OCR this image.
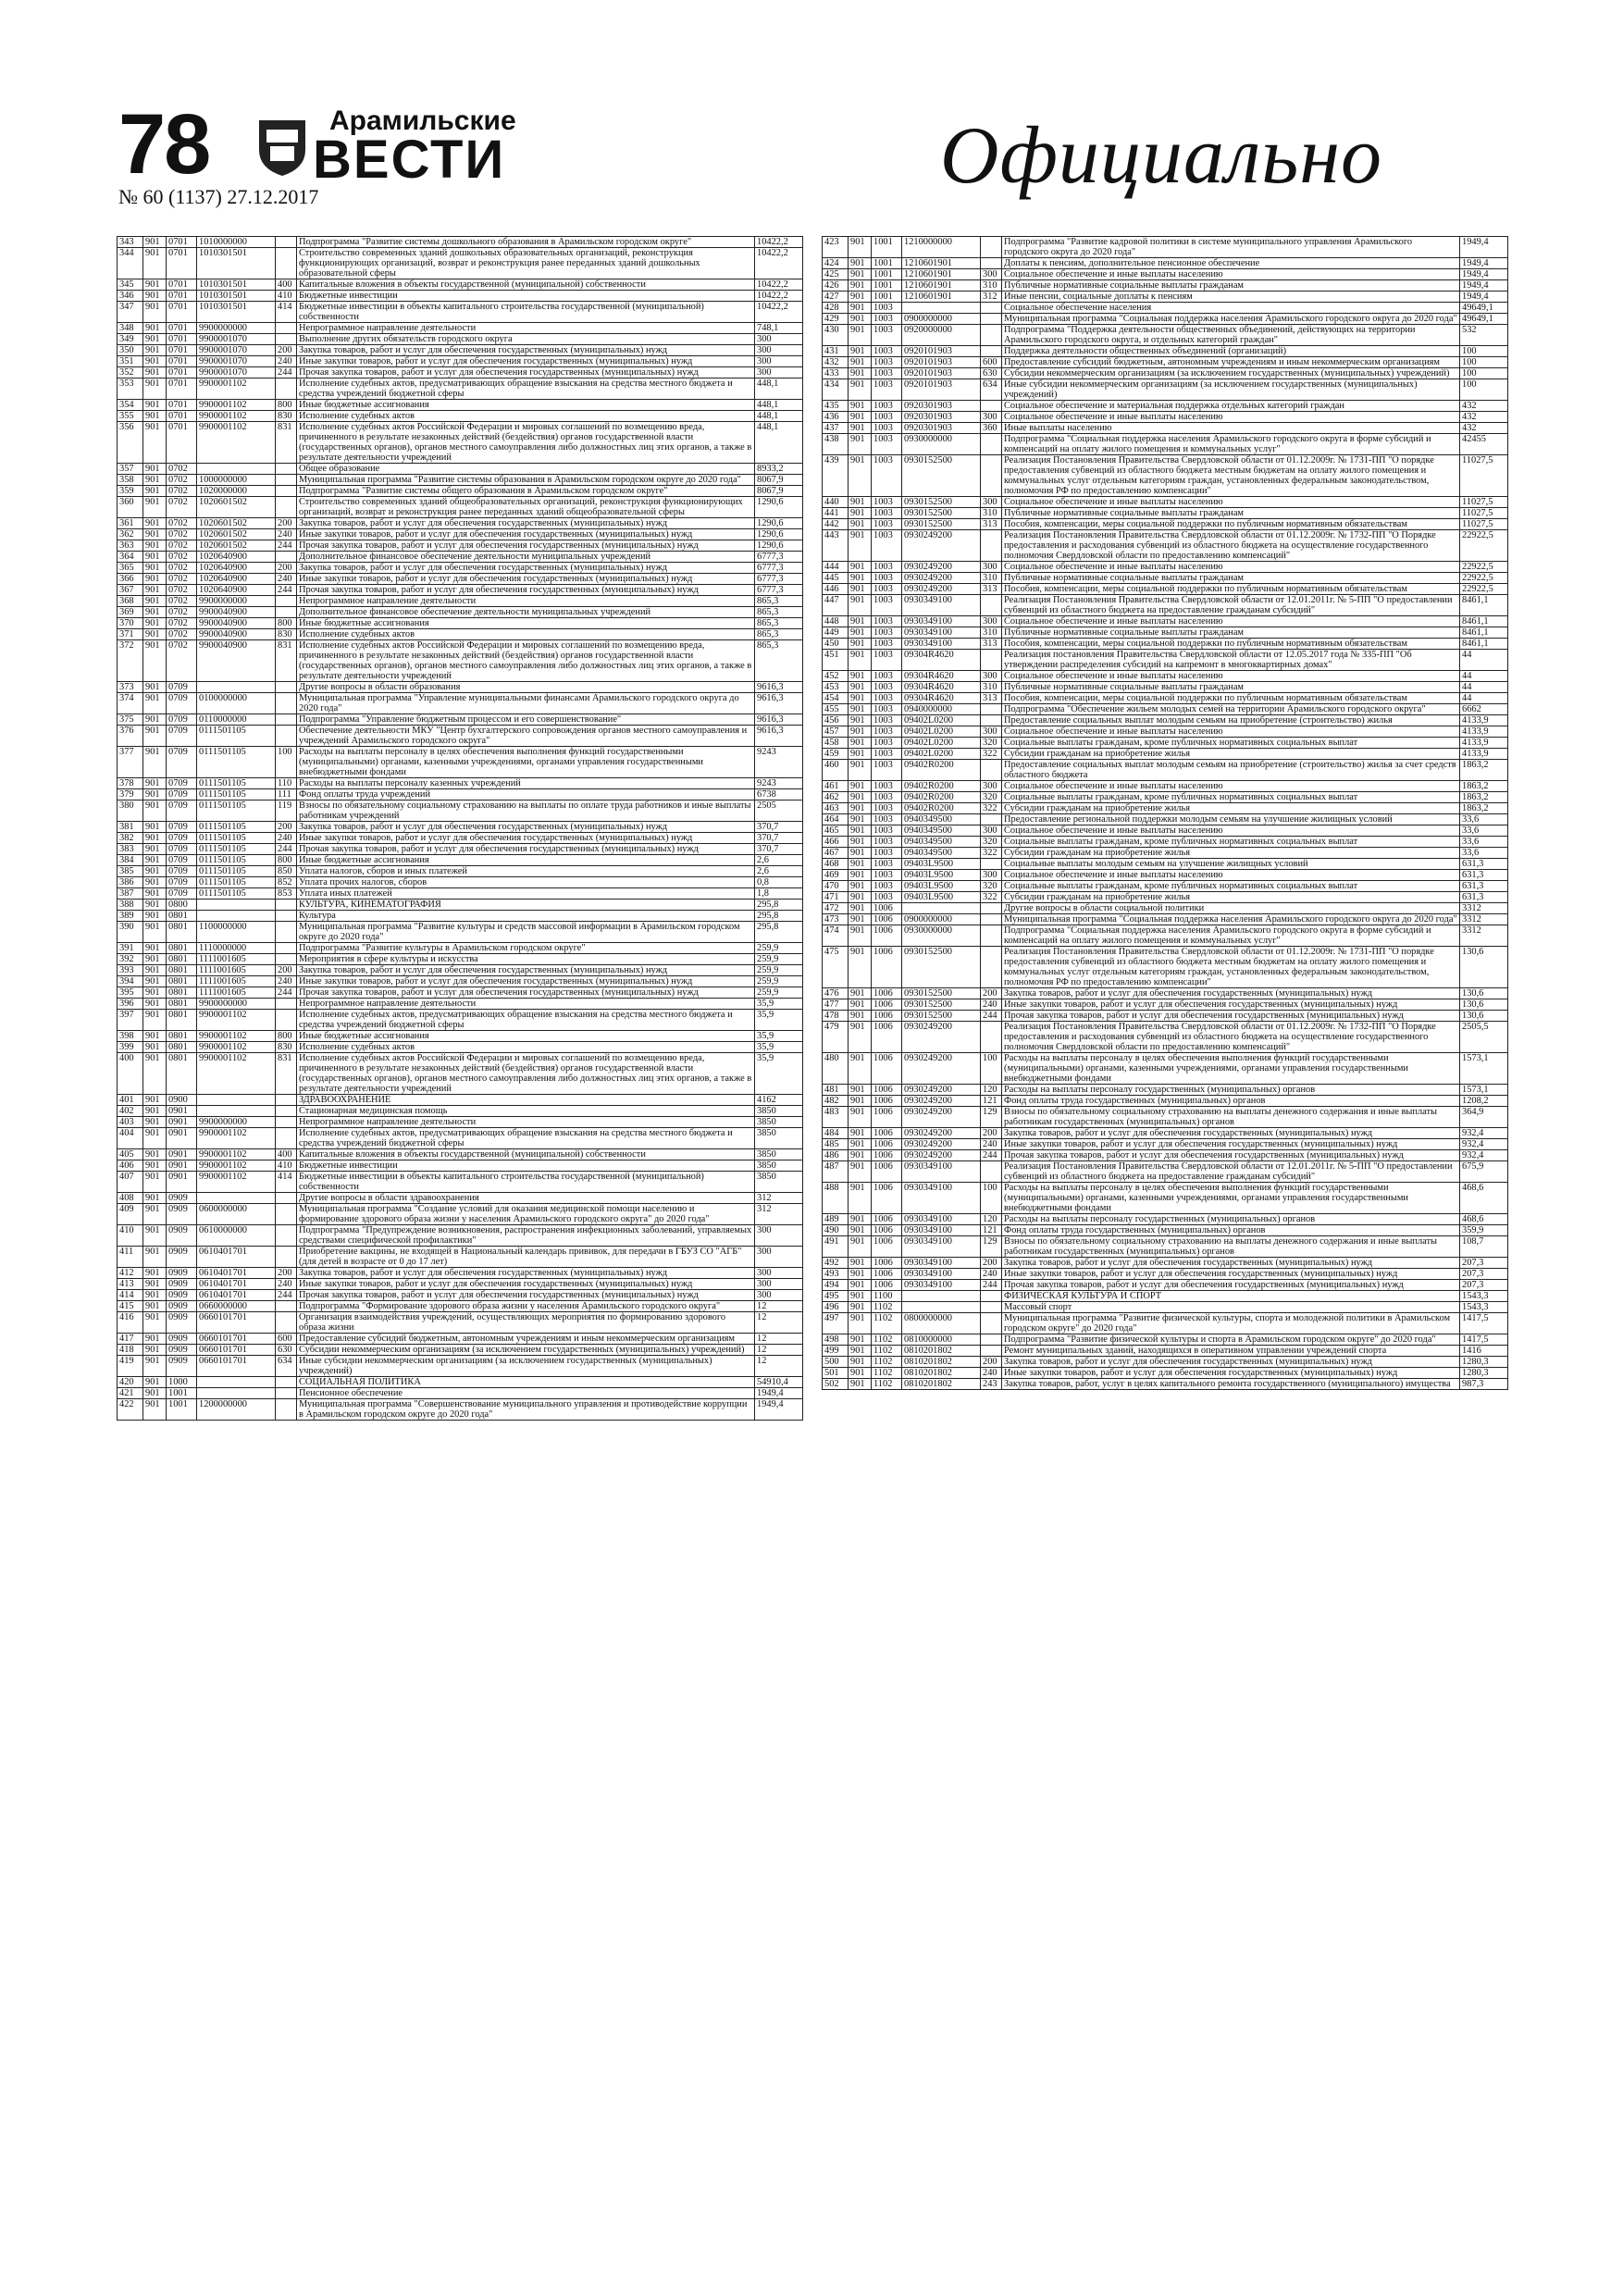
78	Арамильские
ВЕСТИ
№ 60 (1137) 27.12.2017	Официально
343	901	0701	1010000000		Подпрограмма "Развитие системы дошкольного образования в Арамильском городском округе"	10422,2
344	901	0701	1010301501		Строительство современных зданий дошкольных образовательных организаций, реконструкция функционирующих организаций, возврат и реконструкция ранее переданных зданий дошкольных образовательной сферы	10422,2
345	901	0701	1010301501	400	Капитальные вложения в объекты государственной (муниципальной) собственности	10422,2
346	901	0701	1010301501	410	Бюджетные инвестиции	10422,2
347	901	0701	1010301501	414	Бюджетные инвестиции в объекты капитального строительства государственной (муниципальной) собственности	10422,2
348	901	0701	9900000000		Непрограммное направление деятельности	748,1
349	901	0701	9900001070		Выполнение других обязательств городского округа	300
350	901	0701	9900001070	200	Закупка товаров, работ и услуг для обеспечения государственных (муниципальных) нужд	300
351	901	0701	9900001070	240	Иные закупки товаров, работ и услуг для обеспечения государственных (муниципальных) нужд	300
352	901	0701	9900001070	244	Прочая закупка товаров, работ и услуг для обеспечения государственных (муниципальных) нужд	300
353	901	0701	9900001102		Исполнение судебных актов, предусматривающих обращение взыскания на средства местного бюджета и средства учреждений бюджетной сферы	448,1
354	901	0701	9900001102	800	Иные бюджетные ассигнования	448,1
355	901	0701	9900001102	830	Исполнение судебных актов	448,1
356	901	0701	9900001102	831	Исполнение судебных актов Российской Федерации и мировых соглашений по возмещению вреда, причиненного в результате незаконных действий (бездействия) органов государственной власти (государственных органов), органов местного самоуправления либо должностных лиц этих органов, а также в результате деятельности учреждений	448,1
357	901	0702			Общее образование	8933,2
358	901	0702	1000000000		Муниципальная программа "Развитие системы образования в Арамильском городском округе до 2020 года"	8067,9
359	901	0702	1020000000		Подпрограмма "Развитие системы общего образования в Арамильском городском округе"	8067,9
360	901	0702	1020601502		Строительство современных зданий общеобразовательных организаций, реконструкция функционирующих организаций, возврат и реконструкция ранее переданных зданий общеобразовательной сферы	1290,6
361	901	0702	1020601502	200	Закупка товаров, работ и услуг для обеспечения государственных (муниципальных) нужд	1290,6
362	901	0702	1020601502	240	Иные закупки товаров, работ и услуг для обеспечения государственных (муниципальных) нужд	1290,6
363	901	0702	1020601502	244	Прочая закупка товаров, работ и услуг для обеспечения государственных (муниципальных) нужд	1290,6
364	901	0702	1020640900		Дополнительное финансовое обеспечение деятельности муниципальных учреждений	6777,3
365	901	0702	1020640900	200	Закупка товаров, работ и услуг для обеспечения государственных (муниципальных) нужд	6777,3
366	901	0702	1020640900	240	Иные закупки товаров, работ и услуг для обеспечения государственных (муниципальных) нужд	6777,3
367	901	0702	1020640900	244	Прочая закупка товаров, работ и услуг для обеспечения государственных (муниципальных) нужд	6777,3
368	901	0702	9900000000		Непрограммное направление деятельности	865,3
369	901	0702	9900040900		Дополнительное финансовое обеспечение деятельности муниципальных учреждений	865,3
370	901	0702	9900040900	800	Иные бюджетные ассигнования	865,3
371	901	0702	9900040900	830	Исполнение судебных актов	865,3
372	901	0702	9900040900	831	Исполнение судебных актов Российской Федерации и мировых соглашений по возмещению вреда, причиненного в результате незаконных действий (бездействия) органов государственной власти (государственных органов), органов местного самоуправления либо должностных лиц этих органов, а также в результате деятельности учреждений	865,3
373	901	0709			Другие вопросы в области образования	9616,3
374	901	0709	0100000000		Муниципальная программа "Управление муниципальными финансами Арамильского городского округа до 2020 года"	9616,3
375	901	0709	0110000000		Подпрограмма "Управление бюджетным процессом и его совершенствование"	9616,3
376	901	0709	0111501105		Обеспечение деятельности МКУ "Центр бухгалтерского сопровождения органов местного самоуправления и учреждений Арамильского городского округа"	9616,3
377	901	0709	0111501105	100	Расходы на выплаты персоналу в целях обеспечения выполнения функций государственными (муниципальными) органами, казенными учреждениями, органами управления государственными внебюджетными фондами	9243
378	901	0709	0111501105	110	Расходы на выплаты персоналу казенных учреждений	9243
379	901	0709	0111501105	111	Фонд оплаты труда учреждений	6738
380	901	0709	0111501105	119	Взносы по обязательному социальному страхованию на выплаты по оплате труда работников и иные выплаты работникам учреждений	2505
381	901	0709	0111501105	200	Закупка товаров, работ и услуг для обеспечения государственных (муниципальных) нужд	370,7
382	901	0709	0111501105	240	Иные закупки товаров, работ и услуг для обеспечения государственных (муниципальных) нужд	370,7
383	901	0709	0111501105	244	Прочая закупка товаров, работ и услуг для обеспечения государственных (муниципальных) нужд	370,7
384	901	0709	0111501105	800	Иные бюджетные ассигнования	2,6
385	901	0709	0111501105	850	Уплата налогов, сборов и иных платежей	2,6
386	901	0709	0111501105	852	Уплата прочих налогов, сборов	0,8
387	901	0709	0111501105	853	Уплата иных платежей	1,8
388	901	0800			КУЛЬТУРА, КИНЕМАТОГРАФИЯ	295,8
389	901	0801			Культура	295,8
390	901	0801	1100000000		Муниципальная программа "Развитие культуры и средств массовой информации в Арамильском городском округе до 2020 года"	295,8
391	901	0801	1110000000		Подпрограмма "Развитие культуры в Арамильском городском округе"	259,9
392	901	0801	1111001605		Мероприятия в сфере культуры и искусства	259,9
393	901	0801	1111001605	200	Закупка товаров, работ и услуг для обеспечения государственных (муниципальных) нужд	259,9
394	901	0801	1111001605	240	Иные закупки товаров, работ и услуг для обеспечения государственных (муниципальных) нужд	259,9
395	901	0801	1111001605	244	Прочая закупка товаров, работ и услуг для обеспечения государственных (муниципальных) нужд	259,9
396	901	0801	9900000000		Непрограммное направление деятельности	35,9
397	901	0801	9900001102		Исполнение судебных актов, предусматривающих обращение взыскания на средства местного бюджета и средства учреждений бюджетной сферы	35,9
398	901	0801	9900001102	800	Иные бюджетные ассигнования	35,9
399	901	0801	9900001102	830	Исполнение судебных актов	35,9
400	901	0801	9900001102	831	Исполнение судебных актов Российской Федерации и мировых соглашений по возмещению вреда, причиненного в результате незаконных действий (бездействия) органов государственной власти (государственных органов), органов местного самоуправления либо должностных лиц этих органов, а также в результате деятельности учреждений	35,9
401	901	0900			ЗДРАВООХРАНЕНИЕ	4162
402	901	0901			Стационарная медицинская помощь	3850
403	901	0901	9900000000		Непрограммное направление деятельности	3850
404	901	0901	9900001102		Исполнение судебных актов, предусматривающих обращение взыскания на средства местного бюджета и средства учреждений бюджетной сферы	3850
405	901	0901	9900001102	400	Капитальные вложения в объекты государственной (муниципальной) собственности	3850
406	901	0901	9900001102	410	Бюджетные инвестиции	3850
407	901	0901	9900001102	414	Бюджетные инвестиции в объекты капитального строительства государственной (муниципальной) собственности	3850
408	901	0909			Другие вопросы в области здравоохранения	312
409	901	0909	0600000000		Муниципальная программа "Создание условий для оказания медицинской помощи населению и формирование здорового образа жизни у населения Арамильского городского округа" до 2020 года"	312
410	901	0909	0610000000		Подпрограмма "Предупреждение возникновения, распространения инфекционных заболеваний, управляемых средствами специфической профилактики"	300
411	901	0909	0610401701		Приобретение вакцины, не входящей в Национальный календарь прививок, для передачи в ГБУЗ СО "АГБ" (для детей в возрасте от 0 до 17 лет)	300
412	901	0909	0610401701	200	Закупка товаров, работ и услуг для обеспечения государственных (муниципальных) нужд	300
413	901	0909	0610401701	240	Иные закупки товаров, работ и услуг для обеспечения государственных (муниципальных) нужд	300
414	901	0909	0610401701	244	Прочая закупка товаров, работ и услуг для обеспечения государственных (муниципальных) нужд	300
415	901	0909	0660000000		Подпрограмма "Формирование здорового образа жизни у населения Арамильского городского округа"	12
416	901	0909	0660101701		Организация взаимодействия учреждений, осуществляющих мероприятия по формированию здорового образа жизни	12
417	901	0909	0660101701	600	Предоставление субсидий бюджетным, автономным учреждениям и иным некоммерческим организациям	12
418	901	0909	0660101701	630	Субсидии некоммерческим организациям (за исключением государственных (муниципальных) учреждений)	12
419	901	0909	0660101701	634	Иные субсидии некоммерческим организациям (за исключением государственных (муниципальных) учреждений)	12
420	901	1000			СОЦИАЛЬНАЯ ПОЛИТИКА	54910,4
421	901	1001			Пенсионное обеспечение	1949,4
422	901	1001	1200000000		Муниципальная программа "Совершенствование муниципального управления и противодействие коррупции в Арамильском городском округе до 2020 года"	1949,4
423	901	1001	1210000000		Подпрограмма "Развитие кадровой политики в системе муниципального управления Арамильского городского округа до 2020 года"	1949,4
424	901	1001	1210601901		Доплаты к пенсиям, дополнительное пенсионное обеспечение	1949,4
425	901	1001	1210601901	300	Социальное обеспечение и иные выплаты населению	1949,4
426	901	1001	1210601901	310	Публичные нормативные социальные выплаты гражданам	1949,4
427	901	1001	1210601901	312	Иные пенсии, социальные доплаты к пенсиям	1949,4
428	901	1003			Социальное обеспечение населения	49649,1
429	901	1003	0900000000		Муниципальная программа "Социальная поддержка населения Арамильского городского округа до 2020 года"	49649,1
430	901	1003	0920000000		Подпрограмма "Поддержка деятельности общественных объединений, действующих на территории Арамильского городского округа, и отдельных категорий граждан"	532
431	901	1003	0920101903		Поддержка деятельности общественных объединений (организаций)	100
432	901	1003	0920101903	600	Предоставление субсидий бюджетным, автономным учреждениям и иным некоммерческим организациям	100
433	901	1003	0920101903	630	Субсидии некоммерческим организациям (за исключением государственных (муниципальных) учреждений)	100
434	901	1003	0920101903	634	Иные субсидии некоммерческим организациям (за исключением государственных (муниципальных) учреждений)	100
435	901	1003	0920301903		Социальное обеспечение и материальная поддержка отдельных категорий граждан	432
436	901	1003	0920301903	300	Социальное обеспечение и иные выплаты населению	432
437	901	1003	0920301903	360	Иные выплаты населению	432
438	901	1003	0930000000		Подпрограмма "Социальная поддержка населения Арамильского городского округа в форме субсидий и компенсаций на оплату жилого помещения и коммунальных услуг"	42455
439	901	1003	0930152500		Реализация Постановления Правительства Свердловской области от 01.12.2009г. № 1731-ПП "О порядке предоставления субвенций из областного бюджета местным бюджетам на оплату жилого помещения и коммунальных услуг отдельным категориям граждан, установленных федеральным законодательством, полномочия РФ по предоставлению компенсации"	11027,5
440	901	1003	0930152500	300	Социальное обеспечение и иные выплаты населению	11027,5
441	901	1003	0930152500	310	Публичные нормативные социальные выплаты гражданам	11027,5
442	901	1003	0930152500	313	Пособия, компенсации, меры социальной поддержки по публичным нормативным обязательствам	11027,5
443	901	1003	0930249200		Реализация Постановления Правительства Свердловской области от 01.12.2009г. № 1732-ПП "О Порядке предоставления и расходования субвенций из областного бюджета на осуществление государственного полномочия Свердловской области по предоставлению компенсаций"	22922,5
444	901	1003	0930249200	300	Социальное обеспечение и иные выплаты населению	22922,5
445	901	1003	0930249200	310	Публичные нормативные социальные выплаты гражданам	22922,5
446	901	1003	0930249200	313	Пособия, компенсации, меры социальной поддержки по публичным нормативным обязательствам	22922,5
447	901	1003	0930349100		Реализация Постановления Правительства Свердловской области от 12.01.2011г. № 5-ПП "О предоставлении субвенций из областного бюджета на предоставление гражданам субсидий"	8461,1
448	901	1003	0930349100	300	Социальное обеспечение и иные выплаты населению	8461,1
449	901	1003	0930349100	310	Публичные нормативные социальные выплаты гражданам	8461,1
450	901	1003	0930349100	313	Пособия, компенсации, меры социальной поддержки по публичным нормативным обязательствам	8461,1
451	901	1003	09304R4620		Реализация постановления Правительства Свердловской области от 12.05.2017 года № 335-ПП "Об утверждении распределения субсидий на капремонт в многоквартирных домах"	44
452	901	1003	09304R4620	300	Социальное обеспечение и иные выплаты населению	44
453	901	1003	09304R4620	310	Публичные нормативные социальные выплаты гражданам	44
454	901	1003	09304R4620	313	Пособия, компенсации, меры социальной поддержки по публичным нормативным обязательствам	44
455	901	1003	0940000000		Подпрограмма "Обеспечение жильем молодых семей на территории Арамильского городского округа"	6662
456	901	1003	09402L0200		Предоставление социальных выплат молодым семьям на приобретение (строительство) жилья	4133,9
457	901	1003	09402L0200	300	Социальное обеспечение и иные выплаты населению	4133,9
458	901	1003	09402L0200	320	Социальные выплаты гражданам, кроме публичных нормативных социальных выплат	4133,9
459	901	1003	09402L0200	322	Субсидии гражданам на приобретение жилья	4133,9
460	901	1003	09402R0200		Предоставление социальных выплат молодым семьям на приобретение (строительство) жилья за счет средств областного бюджета	1863,2
461	901	1003	09402R0200	300	Социальное обеспечение и иные выплаты населению	1863,2
462	901	1003	09402R0200	320	Социальные выплаты гражданам, кроме публичных нормативных социальных выплат	1863,2
463	901	1003	09402R0200	322	Субсидии гражданам на приобретение жилья	1863,2
464	901	1003	0940349500		Предоставление региональной поддержки молодым семьям на улучшение жилищных условий	33,6
465	901	1003	0940349500	300	Социальное обеспечение и иные выплаты населению	33,6
466	901	1003	0940349500	320	Социальные выплаты гражданам, кроме публичных нормативных социальных выплат	33,6
467	901	1003	0940349500	322	Субсидии гражданам на приобретение жилья	33,6
468	901	1003	09403L9500		Социальные выплаты молодым семьям на улучшение жилищных условий	631,3
469	901	1003	09403L9500	300	Социальное обеспечение и иные выплаты населению	631,3
470	901	1003	09403L9500	320	Социальные выплаты гражданам, кроме публичных нормативных социальных выплат	631,3
471	901	1003	09403L9500	322	Субсидии гражданам на приобретение жилья	631,3
472	901	1006			Другие вопросы в области социальной политики	3312
473	901	1006	0900000000		Муниципальная программа "Социальная поддержка населения Арамильского городского округа до 2020 года"	3312
474	901	1006	0930000000		Подпрограмма "Социальная поддержка населения Арамильского городского округа в форме субсидий и компенсаций на оплату жилого помещения и коммунальных услуг"	3312
475	901	1006	0930152500		Реализация Постановления Правительства Свердловской области от 01.12.2009г. № 1731-ПП "О порядке предоставления субвенций из областного бюджета местным бюджетам на оплату жилого помещения и коммунальных услуг отдельным категориям граждан, установленных федеральным законодательством, полномочия РФ по предоставлению компенсации"	130,6
476	901	1006	0930152500	200	Закупка товаров, работ и услуг для обеспечения государственных (муниципальных) нужд	130,6
477	901	1006	0930152500	240	Иные закупки товаров, работ и услуг для обеспечения государственных (муниципальных) нужд	130,6
478	901	1006	0930152500	244	Прочая закупка товаров, работ и услуг для обеспечения государственных (муниципальных) нужд	130,6
479	901	1006	0930249200		Реализация Постановления Правительства Свердловской области от 01.12.2009г. № 1732-ПП "О Порядке предоставления и расходования субвенций из областного бюджета на осуществление государственного полномочия Свердловской области по предоставлению компенсаций"	2505,5
480	901	1006	0930249200	100	Расходы на выплаты персоналу в целях обеспечения выполнения функций государственными (муниципальными) органами, казенными учреждениями, органами управления государственными внебюджетными фондами	1573,1
481	901	1006	0930249200	120	Расходы на выплаты персоналу государственных (муниципальных) органов	1573,1
482	901	1006	0930249200	121	Фонд оплаты труда государственных (муниципальных) органов	1208,2
483	901	1006	0930249200	129	Взносы по обязательному социальному страхованию на выплаты денежного содержания и иные выплаты работникам государственных (муниципальных) органов	364,9
484	901	1006	0930249200	200	Закупка товаров, работ и услуг для обеспечения государственных (муниципальных) нужд	932,4
485	901	1006	0930249200	240	Иные закупки товаров, работ и услуг для обеспечения государственных (муниципальных) нужд	932,4
486	901	1006	0930249200	244	Прочая закупка товаров, работ и услуг для обеспечения государственных (муниципальных) нужд	932,4
487	901	1006	0930349100		Реализация Постановления Правительства Свердловской области от 12.01.2011г. № 5-ПП "О предоставлении субвенций из областного бюджета на предоставление гражданам субсидий"	675,9
488	901	1006	0930349100	100	Расходы на выплаты персоналу в целях обеспечения выполнения функций государственными (муниципальными) органами, казенными учреждениями, органами управления государственными внебюджетными фондами	468,6
489	901	1006	0930349100	120	Расходы на выплаты персоналу государственных (муниципальных) органов	468,6
490	901	1006	0930349100	121	Фонд оплаты труда государственных (муниципальных) органов	359,9
491	901	1006	0930349100	129	Взносы по обязательному социальному страхованию на выплаты денежного содержания и иные выплаты работникам государственных (муниципальных) органов	108,7
492	901	1006	0930349100	200	Закупка товаров, работ и услуг для обеспечения государственных (муниципальных) нужд	207,3
493	901	1006	0930349100	240	Иные закупки товаров, работ и услуг для обеспечения государственных (муниципальных) нужд	207,3
494	901	1006	0930349100	244	Прочая закупка товаров, работ и услуг для обеспечения государственных (муниципальных) нужд	207,3
495	901	1100			ФИЗИЧЕСКАЯ КУЛЬТУРА И СПОРТ	1543,3
496	901	1102			Массовый спорт	1543,3
497	901	1102	0800000000		Муниципальная программа "Развитие физической культуры, спорта и молодежной политики в Арамильском городском округе" до 2020 года"	1417,5
498	901	1102	0810000000		Подпрограмма "Развитие физической культуры и спорта в Арамильском городском округе" до 2020 года"	1417,5
499	901	1102	0810201802		Ремонт муниципальных зданий, находящихся в оперативном управлении учреждений спорта	1416
500	901	1102	0810201802	200	Закупка товаров, работ и услуг для обеспечения государственных (муниципальных) нужд	1280,3
501	901	1102	0810201802	240	Иные закупки товаров, работ и услуг для обеспечения государственных (муниципальных) нужд	1280,3
502	901	1102	0810201802	243	Закупка товаров, работ, услуг в целях капитального ремонта государственного (муниципального) имущества	987,3
